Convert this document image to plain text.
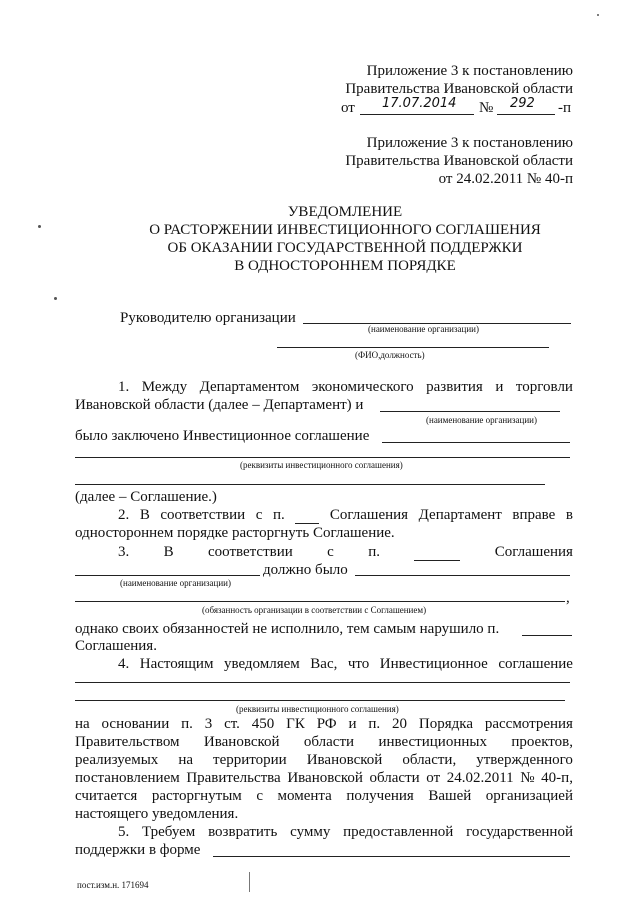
Приложение 3 к постановлению
Правительства Ивановской области
от 17.07.2014 № 292 -п
Приложение 3 к постановлению
Правительства Ивановской области
от 24.02.2011 № 40-п
УВЕДОМЛЕНИЕ
О РАСТОРЖЕНИИ ИНВЕСТИЦИОННОГО СОГЛАШЕНИЯ
ОБ ОКАЗАНИИ ГОСУДАРСТВЕННОЙ ПОДДЕРЖКИ
В ОДНОСТОРОННЕМ ПОРЯДКЕ
Руководителю организации
(наименование организации)
(ФИО,должность)
1. Между Департаментом экономического развития и торговли
Ивановской области (далее – Департамент) и
(наименование организации)
было заключено Инвестиционное соглашение
(реквизиты инвестиционного соглашения)
(далее – Соглашение.)
2. В соответствии с п.	Соглашения Департамент вправе в
одностороннем порядке расторгнуть Соглашение.
3. В соответствии с п.	Соглашения
должно было
(наименование организации)
,
(обязанность организации в соответствии с Соглашением)
однако своих обязанностей не исполнило, тем самым нарушило п.
Соглашения.
4. Настоящим уведомляем Вас, что Инвестиционное соглашение
(реквизиты инвестиционного соглашения)
на основании п. 3 ст. 450 ГК РФ и п. 20 Порядка рассмотрения
Правительством Ивановской области инвестиционных проектов,
реализуемых на территории Ивановской области, утвержденного
постановлением Правительства Ивановской области от 24.02.2011 № 40-п,
считается расторгнутым с момента получения Вашей организацией
настоящего уведомления.
5. Требуем возвратить сумму предоставленной государственной
поддержки в форме
пост.изм.н. 171694
